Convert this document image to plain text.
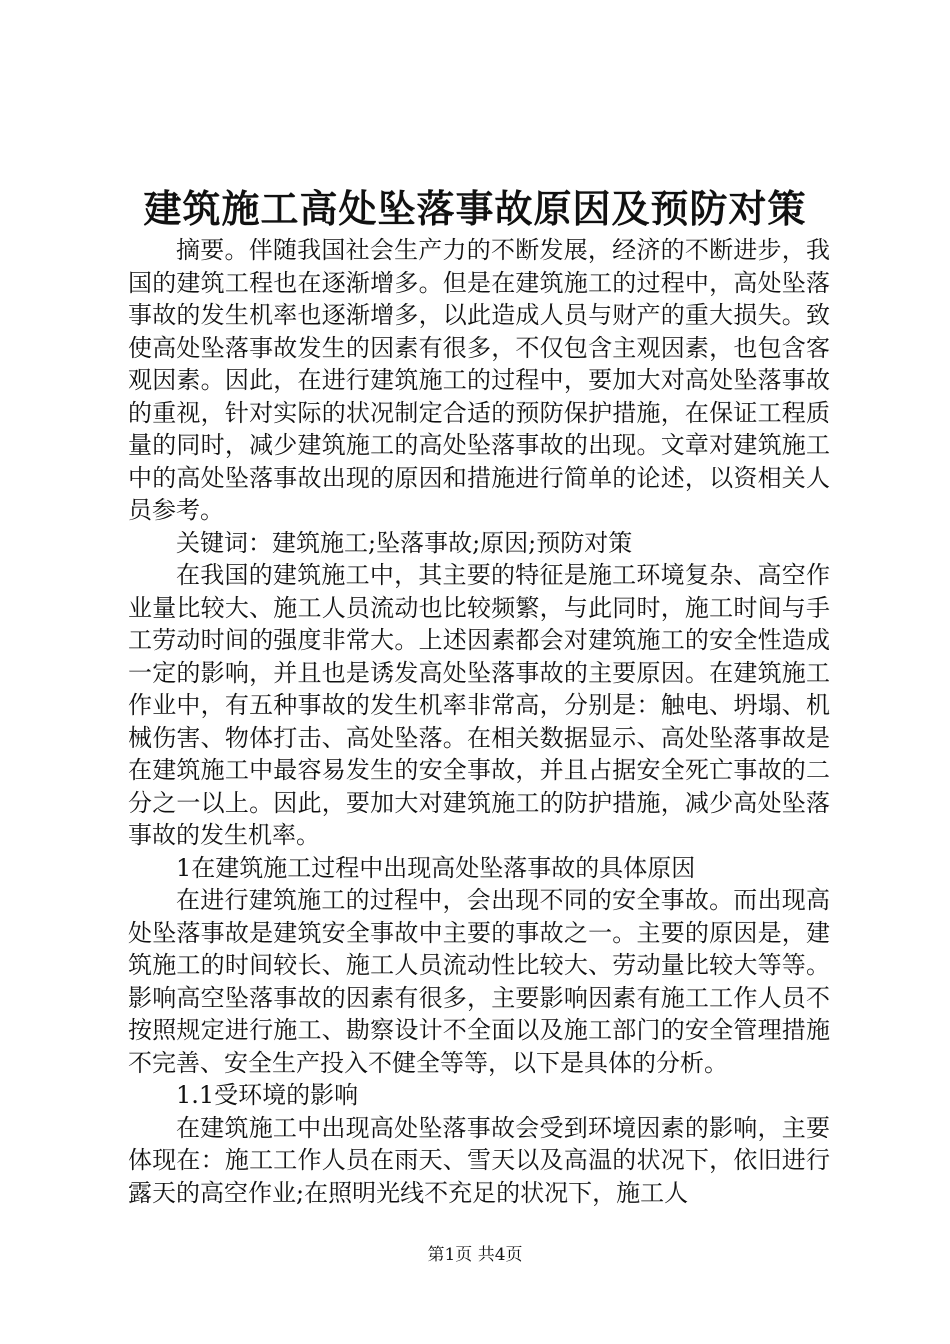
建筑施工高处坠落事故原因及预防对策

摘要。伴随我国社会生产力的不断发展，经济的不断进步，我国的建筑工程也在逐渐增多。但是在建筑施工的过程中，高处坠落事故的发生机率也逐渐增多，以此造成人员与财产的重大损失。致使高处坠落事故发生的因素有很多，不仅包含主观因素，也包含客观因素。因此，在进行建筑施工的过程中，要加大对高处坠落事故的重视，针对实际的状况制定合适的预防保护措施，在保证工程质量的同时，减少建筑施工的高处坠落事故的出现。文章对建筑施工中的高处坠落事故出现的原因和措施进行简单的论述，以资相关人员参考。

关键词：建筑施工;坠落事故;原因;预防对策

在我国的建筑施工中，其主要的特征是施工环境复杂、高空作业量比较大、施工人员流动也比较频繁，与此同时，施工时间与手工劳动时间的强度非常大。上述因素都会对建筑施工的安全性造成一定的影响，并且也是诱发高处坠落事故的主要原因。在建筑施工作业中，有五种事故的发生机率非常高，分别是：触电、坍塌、机械伤害、物体打击、高处坠落。在相关数据显示、高处坠落事故是在建筑施工中最容易发生的安全事故，并且占据安全死亡事故的二分之一以上。因此，要加大对建筑施工的防护措施，减少高处坠落事故的发生机率。

1在建筑施工过程中出现高处坠落事故的具体原因

在进行建筑施工的过程中，会出现不同的安全事故。而出现高处坠落事故是建筑安全事故中主要的事故之一。主要的原因是，建筑施工的时间较长、施工人员流动性比较大、劳动量比较大等等。影响高空坠落事故的因素有很多，主要影响因素有施工工作人员不按照规定进行施工、勘察设计不全面以及施工部门的安全管理措施不完善、安全生产投入不健全等等，以下是具体的分析。

1.1受环境的影响

在建筑施工中出现高处坠落事故会受到环境因素的影响，主要体现在：施工工作人员在雨天、雪天以及高温的状况下，依旧进行露天的高空作业;在照明光线不充足的状况下，施工人

第1页 共4页
